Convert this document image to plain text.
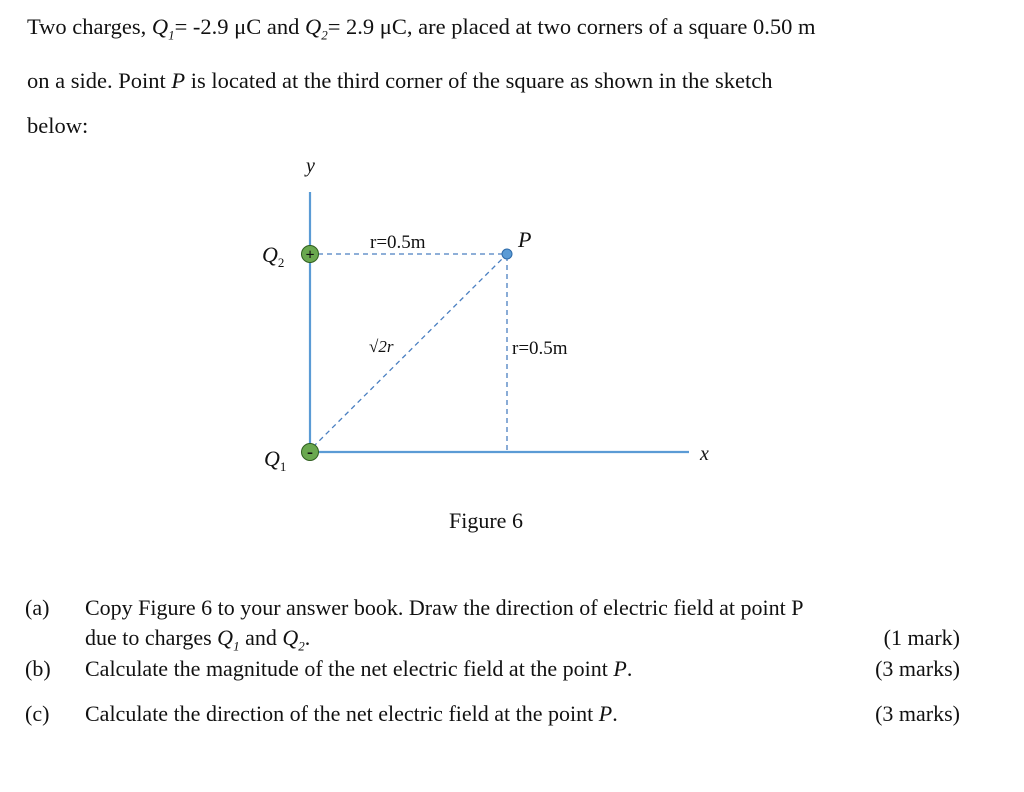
Two charges, $Q_1= -2.9$ μC and $Q_2= 2.9$ μC, are placed at two corners of a square 0.50 m

on a side. Point P is located at the third corner of the square as shown in the sketch

below:

y
x
+
$Q_2$
-
$Q_1$
P
r=0.5m
r=0.5m
√2r
Figure 6
(a) Copy Figure 6 to your answer book. Draw the direction of electric field at point P
due to charges $Q_1$ and $Q_2$.	(1 mark)
(b) Calculate the magnitude of the net electric field at the point P.	(3 marks)
(c) Calculate the direction of the net electric field at the point P.	(3 marks)
